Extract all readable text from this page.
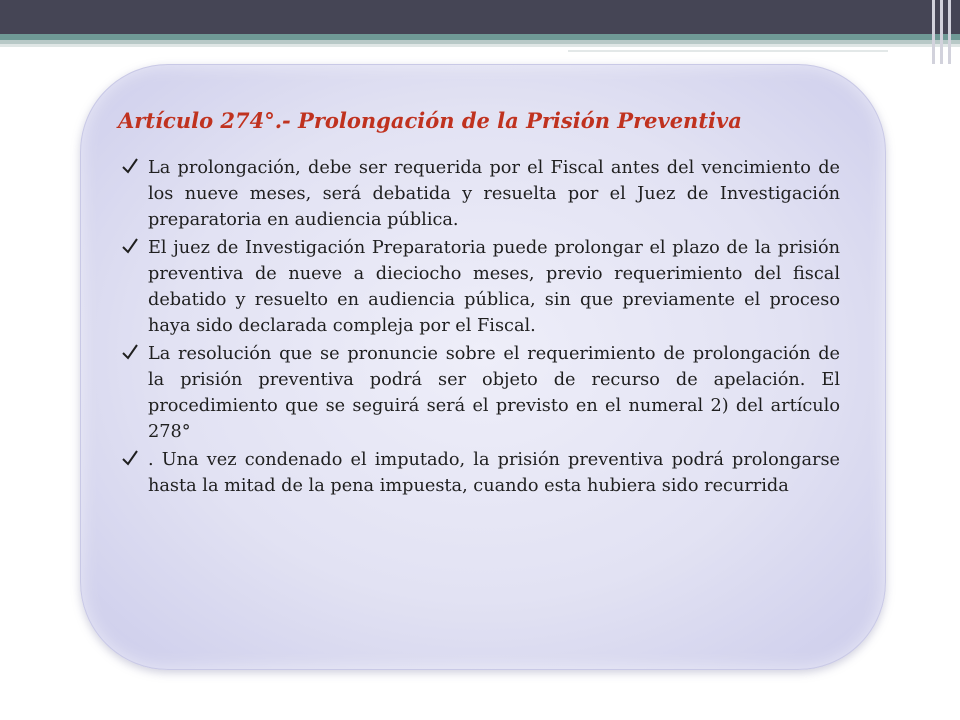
Artículo 274°.- Prolongación de la Prisión Preventiva
La prolongación, debe ser requerida por el Fiscal antes del vencimiento de los nueve meses, será debatida y resuelta por el Juez de Investigación preparatoria en audiencia pública.
El juez de Investigación Preparatoria puede prolongar el plazo de la prisión preventiva de nueve a dieciocho meses, previo requerimiento del fiscal debatido y resuelto en audiencia pública, sin que previamente el proceso haya sido declarada compleja por el Fiscal.
La resolución que se pronuncie sobre el requerimiento de prolongación de la prisión preventiva podrá ser objeto de recurso de apelación. El procedimiento que se seguirá será el previsto en el numeral 2) del artículo 278°
. Una vez condenado el imputado, la prisión preventiva podrá prolongarse hasta la mitad de la pena impuesta, cuando esta hubiera sido recurrida
